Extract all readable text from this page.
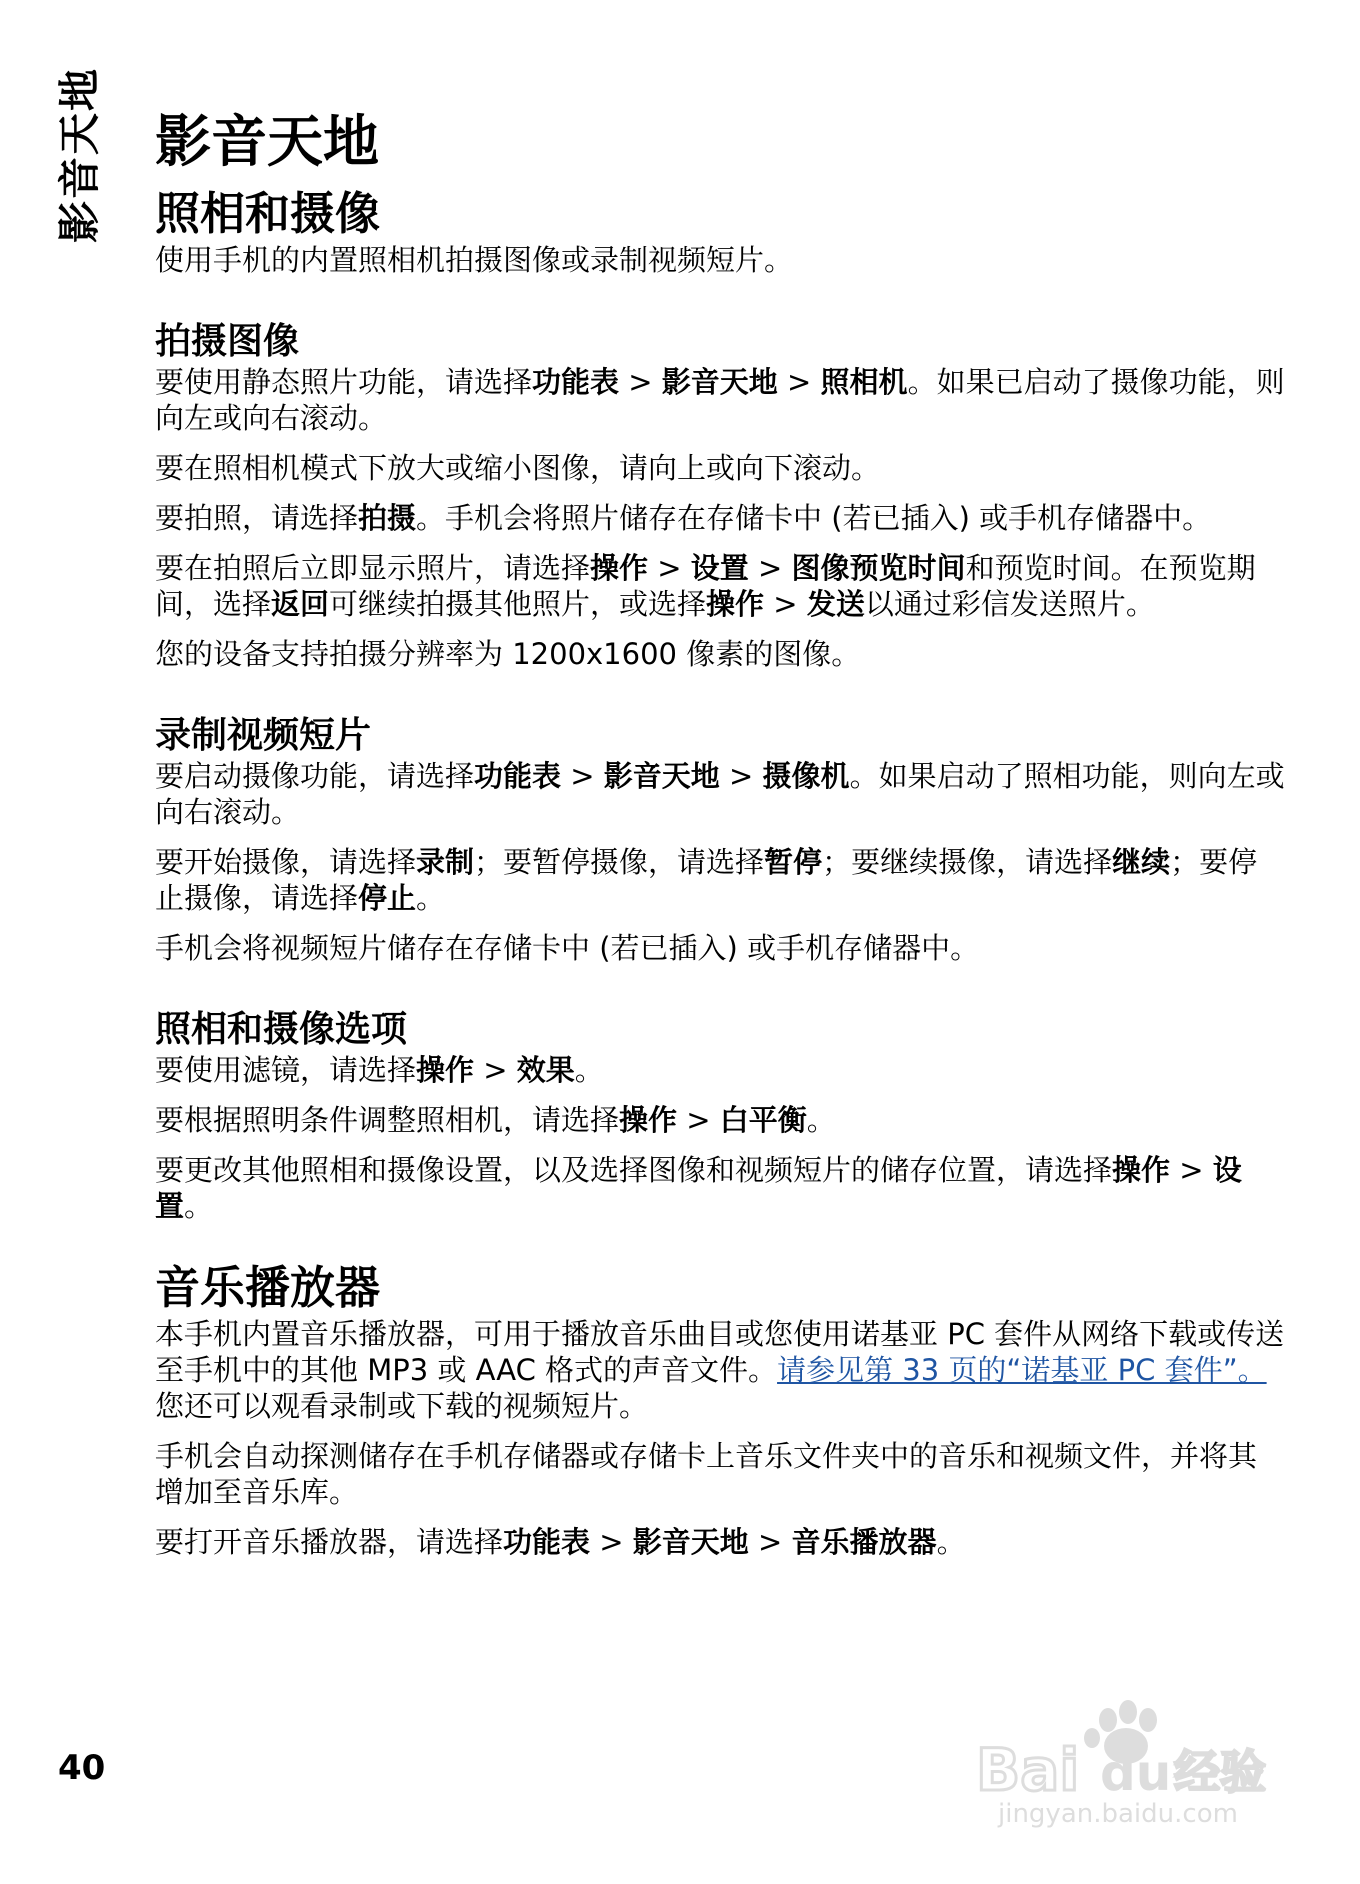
影音天地 影音天地
照相和摄像

使用手机的内置照相机拍摄图像或录制视频短片。

拍摄图像

要使用静态照片功能，请选择功能表 > 影音天地 > 照相机。如果已启动了摄像功能，则向左或向右滚动。

要在照相机模式下放大或缩小图像，请向上或向下滚动。

要拍照，请选择拍摄。手机会将照片储存在存储卡中 (若已插入) 或手机存储器中。

要在拍照后立即显示照片，请选择操作 > 设置 > 图像预览时间和预览时间。在预览期间，选择返回可继续拍摄其他照片，或选择操作 > 发送以通过彩信发送照片。

您的设备支持拍摄分辨率为 1200x1600 像素的图像。

录制视频短片

要启动摄像功能，请选择功能表 > 影音天地 > 摄像机。如果启动了照相功能，则向左或向右滚动。

要开始摄像，请选择录制；要暂停摄像，请选择暂停；要继续摄像，请选择继续；要停止摄像，请选择停止。

手机会将视频短片储存在存储卡中 (若已插入) 或手机存储器中。

照相和摄像选项

要使用滤镜，请选择操作 > 效果。

要根据照明条件调整照相机，请选择操作 > 白平衡。

要更改其他照相和摄像设置，以及选择图像和视频短片的储存位置，请选择操作 > 设置。

音乐播放器

本手机内置音乐播放器，可用于播放音乐曲目或您使用诺基亚 PC 套件从网络下载或传送至手机中的其他 MP3 或 AAC 格式的声音文件。请参见第 33 页的“诺基亚 PC 套件”。 您还可以观看录制或下载的视频短片。

手机会自动探测储存在手机存储器或存储卡上音乐文件夹中的音乐和视频文件，并将其增加至音乐库。

要打开音乐播放器，请选择功能表 > 影音天地 > 音乐播放器。

40	Bai du 经验
jingyan.baidu.com
